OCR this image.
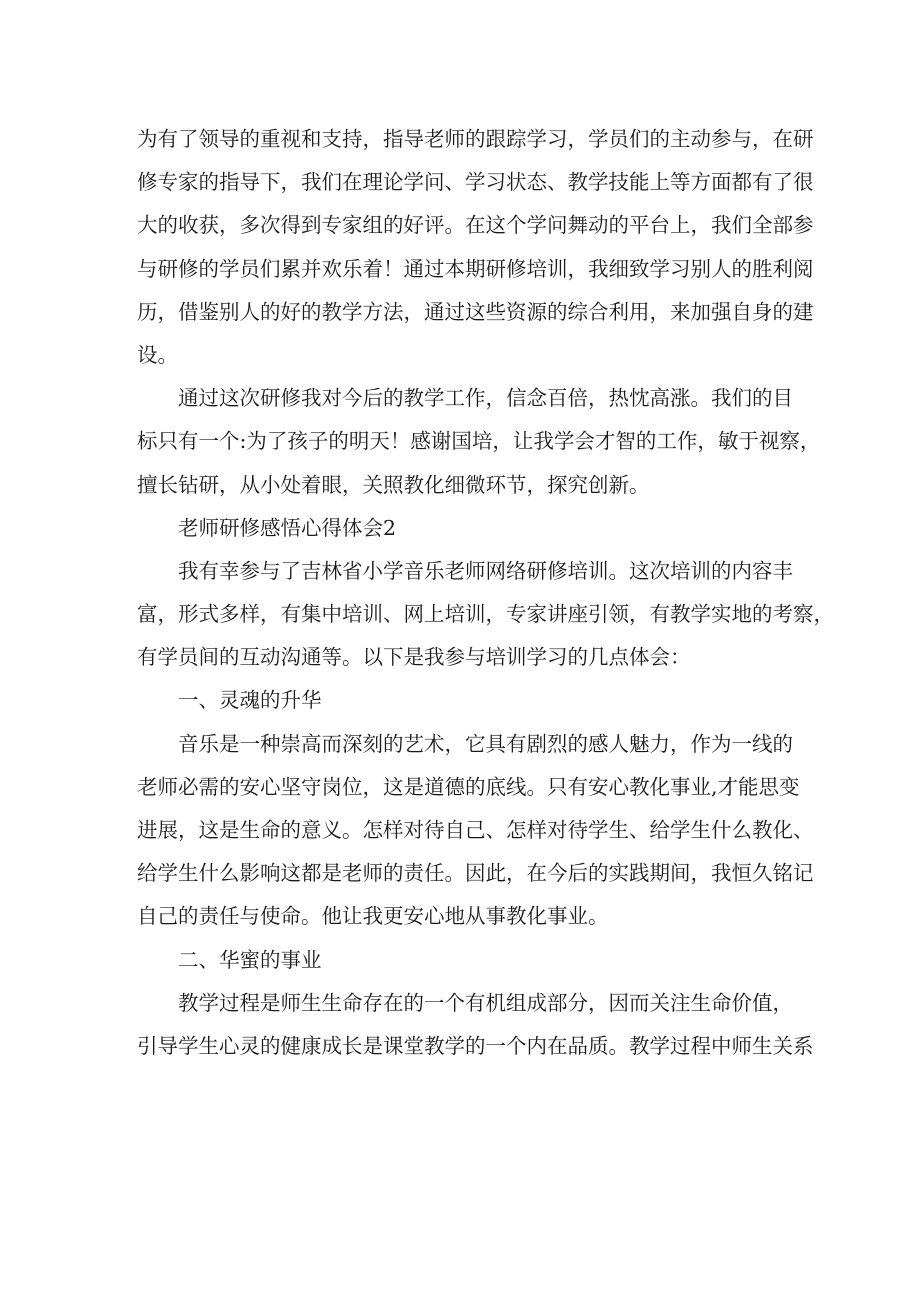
为有了领导的重视和支持，指导老师的跟踪学习，学员们的主动参与，在研
修专家的指导下，我们在理论学问、学习状态、教学技能上等方面都有了很
大的收获，多次得到专家组的好评。在这个学问舞动的平台上，我们全部参
与研修的学员们累并欢乐着！通过本期研修培训，我细致学习别人的胜利阅
历，借鉴别人的好的教学方法，通过这些资源的综合利用，来加强自身的建
设。
通过这次研修我对今后的教学工作，信念百倍，热忱高涨。我们的目
标只有一个:为了孩子的明天！感谢国培，让我学会才智的工作，敏于视察，
擅长钻研，从小处着眼，关照教化细微环节，探究创新。
老师研修感悟心得体会2
我有幸参与了吉林省小学音乐老师网络研修培训。这次培训的内容丰
富，形式多样，有集中培训、网上培训，专家讲座引领，有教学实地的考察，
有学员间的互动沟通等。以下是我参与培训学习的几点体会：
一、灵魂的升华
音乐是一种崇高而深刻的艺术，它具有剧烈的感人魅力，作为一线的
老师必需的安心坚守岗位，这是道德的底线。只有安心教化事业,才能思变
进展，这是生命的意义。怎样对待自己、怎样对待学生、给学生什么教化、
给学生什么影响这都是老师的责任。因此，在今后的实践期间，我恒久铭记
自己的责任与使命。他让我更安心地从事教化事业。
二、华蜜的事业
教学过程是师生生命存在的一个有机组成部分，因而关注生命价值，
引导学生心灵的健康成长是课堂教学的一个内在品质。教学过程中师生关系
